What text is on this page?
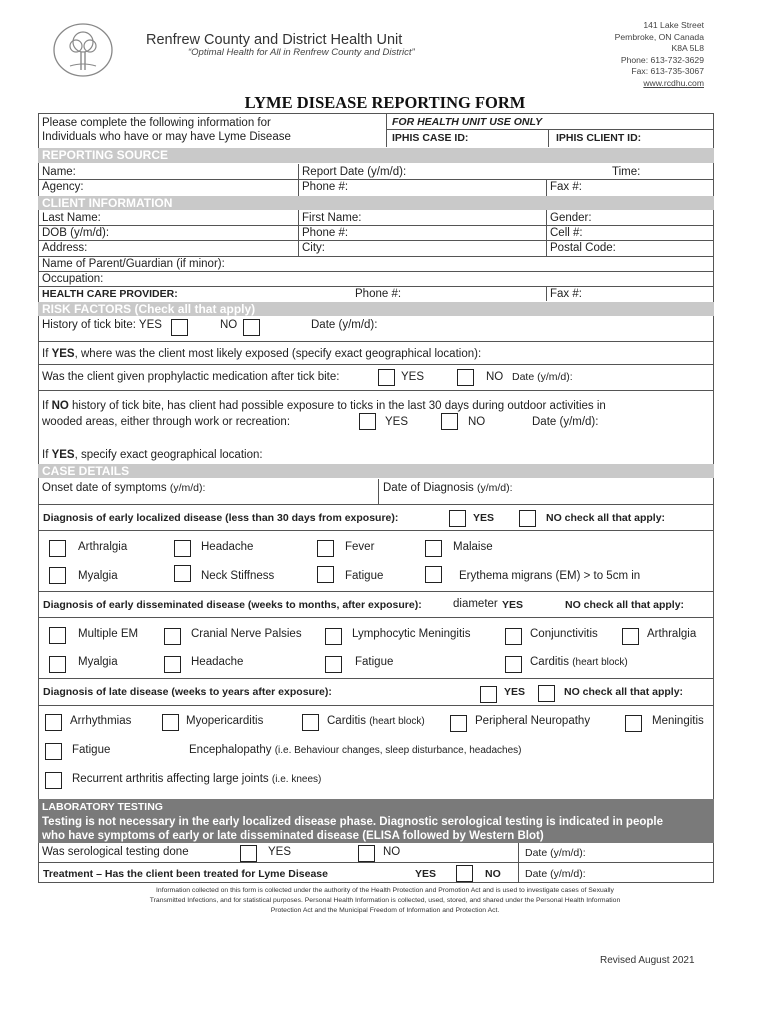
Renfrew County and District Health Unit
“Optimal Health for All in Renfrew County and District”
141 Lake Street
Pembroke, ON Canada
K8A 5L8
Phone: 613-732-3629
Fax: 613-735-3067
www.rcdhu.com
LYME DISEASE REPORTING FORM
Please complete the following information for
Individuals who have or may have Lyme Disease
FOR HEALTH UNIT USE ONLY
IPHIS CASE ID:	IPHIS CLIENT ID:
REPORTING SOURCE
Name:	Report Date (y/m/d):	Time:
Agency:	Phone #:	Fax #:
CLIENT INFORMATION
Last Name:	First Name:	Gender:
DOB (y/m/d):	Phone #:	Cell #:
Address:	City:	Postal Code:
Name of Parent/Guardian (if minor):
Occupation:
HEALTH CARE PROVIDER:	Phone #:	Fax #:
RISK FACTORS (Check all that apply)
History of tick bite: YES	NO	Date (y/m/d):
If YES, where was the client most likely exposed (specify exact geographical location):
Was the client given prophylactic medication after tick bite:	YES	NO Date (y/m/d):
If NO history of tick bite, has client had possible exposure to ticks in the last 30 days during outdoor activities in
wooded areas, either through work or recreation:	YES	NO	Date (y/m/d):
If YES, specify exact geographical location:
CASE DETAILS
Onset date of symptoms (y/m/d):	Date of Diagnosis (y/m/d):
Diagnosis of early localized disease (less than 30 days from exposure):	YES	NO check all that apply:
Arthralgia	Headache	Fever	Malaise
Myalgia	Neck Stiffness	Fatigue	Erythema migrans (EM) > to 5cm in
Diagnosis of early disseminated disease (weeks to months, after exposure):	diameter YES	NO check all that apply:
Multiple EM	Cranial Nerve Palsies	Lymphocytic Meningitis	Conjunctivitis	Arthralgia
Myalgia	Headache	Fatigue	Carditis (heart block)
Diagnosis of late disease (weeks to years after exposure):	YES	NO check all that apply:
Arrhythmias	Myopericarditis	Carditis (heart block)	Peripheral Neuropathy	Meningitis
Fatigue	Encephalopathy (i.e. Behaviour changes, sleep disturbance, headaches)
Recurrent arthritis affecting large joints (i.e. knees)
LABORATORY TESTING
Testing is not necessary in the early localized disease phase. Diagnostic serological testing is indicated in people
who have symptoms of early or late disseminated disease (ELISA followed by Western Blot)
Was serological testing done	YES	NO	Date (y/m/d):
Treatment – Has the client been treated for Lyme Disease	YES	NO Date (y/m/d):
Information collected on this form is collected under the authority of the Health Protection and Promotion Act and is used to investigate cases of Sexually
Transmitted Infections, and for statistical purposes. Personal Health Information is collected, used, stored, and shared under the Personal Health Information
Protection Act and the Municipal Freedom of Information and Protection Act.
Revised August 2021
